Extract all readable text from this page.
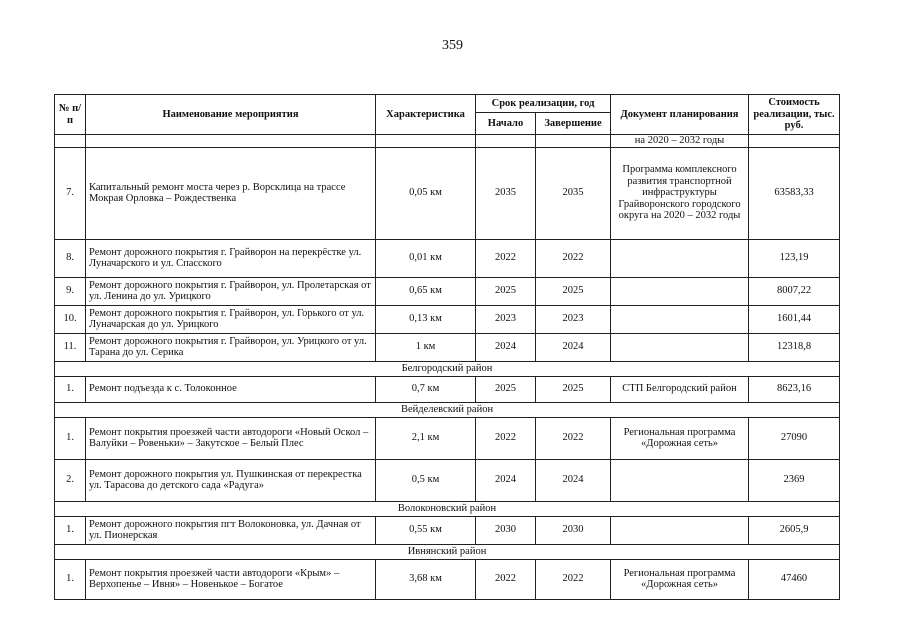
359
№ п/п	Наименование мероприятия	Характеристика	Срок реализации, год		Документ планирования	Стоимость реализации, тыс. руб.
			Начало	Завершение		
					на 2020 – 2032 годы	
7.	Капитальный ремонт моста через р. Ворсклица на трассе Мокрая Орловка – Рождественка	0,05 км	2035	2035	Программа комплексного развития транспортной инфраструктуры Грайворонского городского округа на 2020 – 2032 годы	63583,33
8.	Ремонт дорожного покрытия г. Грайворон на перекрёстке ул. Луначарского и ул. Спасского	0,01 км	2022	2022		123,19
9.	Ремонт дорожного покрытия г. Грайворон, ул. Пролетарская от ул. Ленина до ул. Урицкого	0,65 км	2025	2025		8007,22
10.	Ремонт дорожного покрытия г. Грайворон, ул. Горького от ул. Луначарская до ул. Урицкого	0,13 км	2023	2023		1601,44
11.	Ремонт дорожного покрытия г. Грайворон, ул. Урицкого от ул. Тарана до ул. Серика	1 км	2024	2024		12318,8
Белгородский район						
1.	Ремонт подъезда к с. Толоконное	0,7 км	2025	2025	СТП Белгородский район	8623,16
Вейделевский район						
1.	Ремонт покрытия проезжей части автодороги «Новый Оскол – Валуйки – Ровеньки» – Закутское – Белый Плес	2,1 км	2022	2022	Региональная программа «Дорожная сеть»	27090
2.	Ремонт дорожного покрытия ул. Пушкинская от перекрестка ул. Тарасова до детского сада «Радуга»	0,5 км	2024	2024		2369
Волоконовский район						
1.	Ремонт дорожного покрытия пгт Волоконовка, ул. Дачная от ул. Пионерская	0,55 км	2030	2030		2605,9
Ивнянский район						
1.	Ремонт покрытия проезжей части автодороги «Крым» – Верхопенье – Ивня» – Новенькое – Богатое	3,68 км	2022	2022	Региональная программа «Дорожная сеть»	47460
